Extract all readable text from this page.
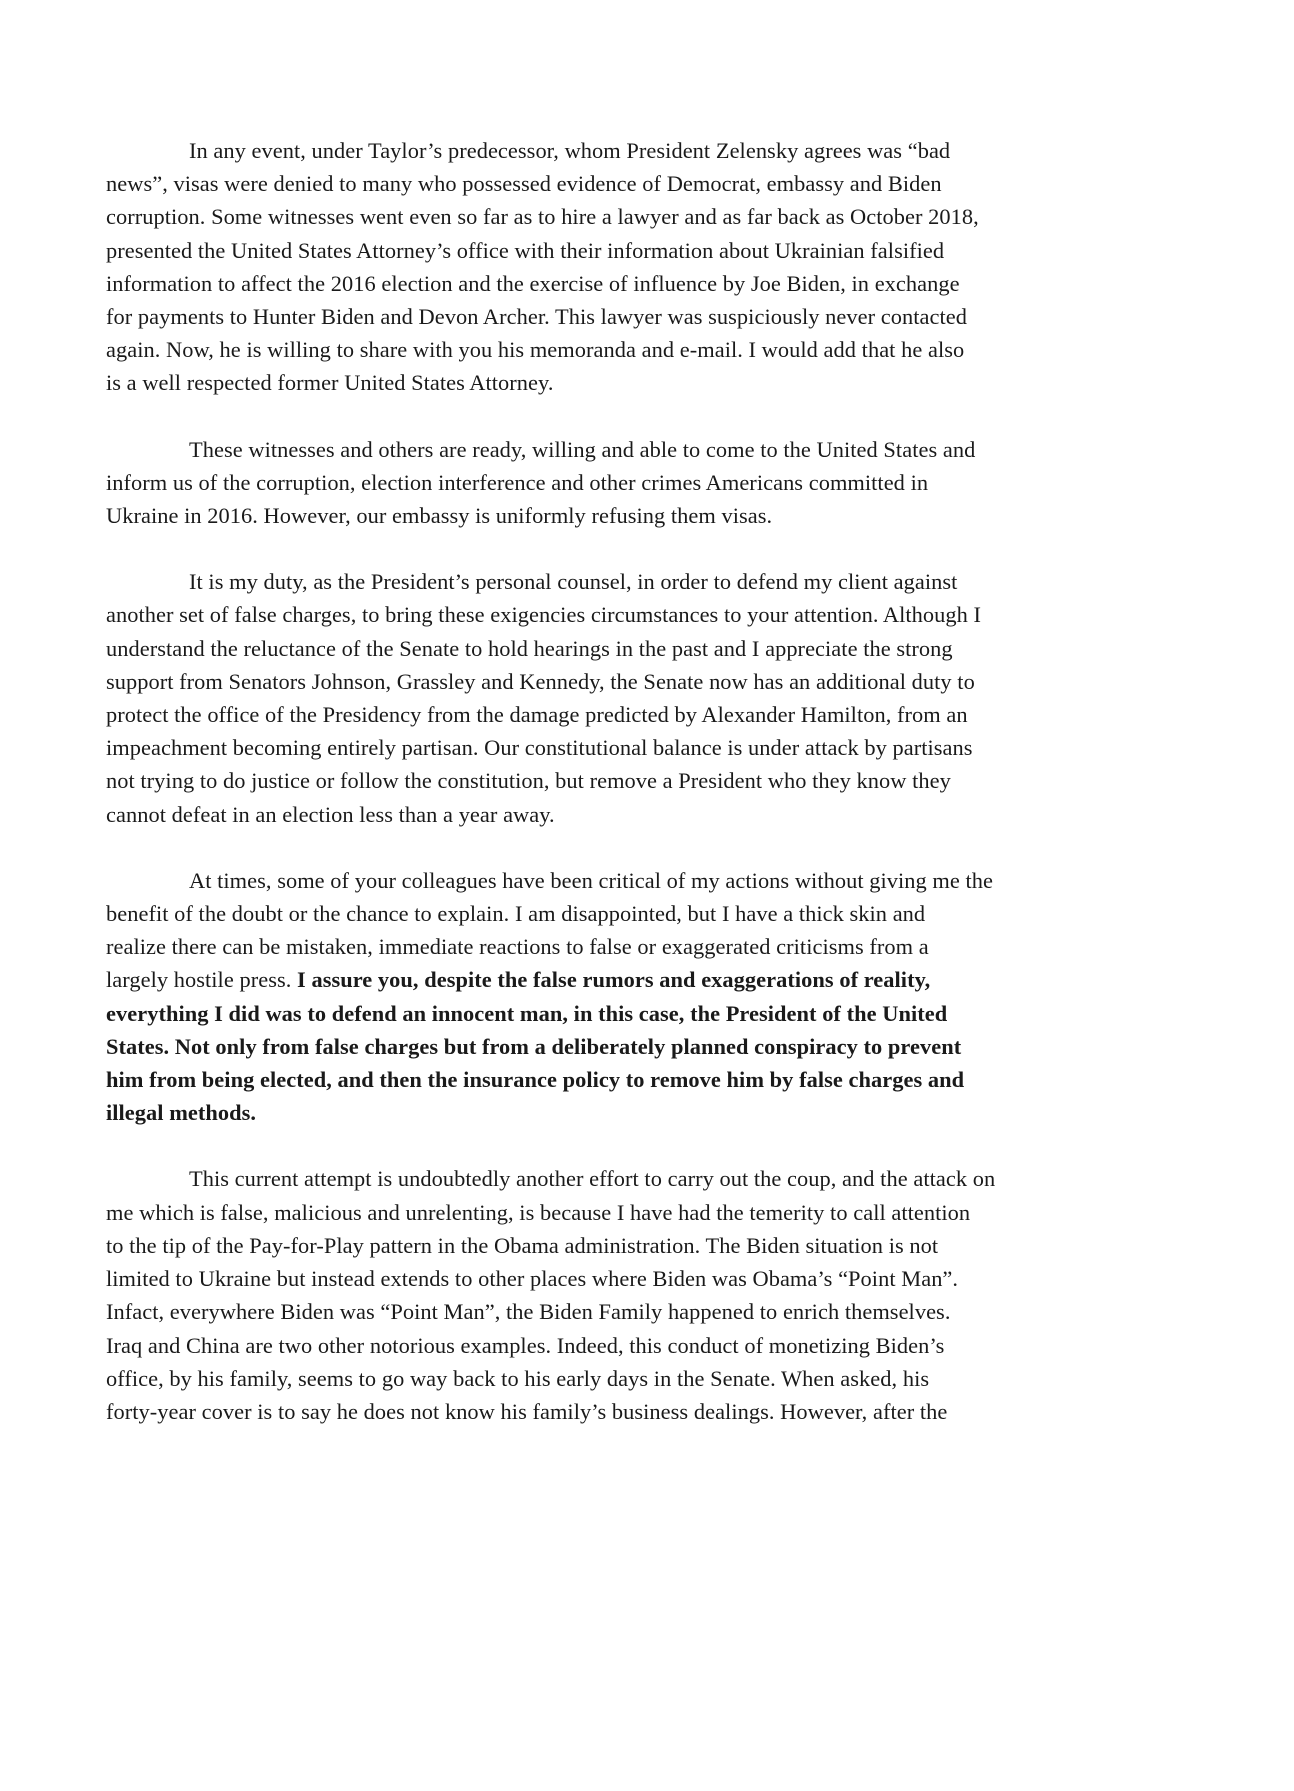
In any event, under Taylor’s predecessor, whom President Zelensky agrees was “bad
news”, visas were denied to many who possessed evidence of Democrat, embassy and Biden
corruption. Some witnesses went even so far as to hire a lawyer and as far back as October 2018,
presented the United States Attorney’s office with their information about Ukrainian falsified
information to affect the 2016 election and the exercise of influence by Joe Biden, in exchange
for payments to Hunter Biden and Devon Archer. This lawyer was suspiciously never contacted
again. Now, he is willing to share with you his memoranda and e-mail. I would add that he also
is a well respected former United States Attorney.

These witnesses and others are ready, willing and able to come to the United States and
inform us of the corruption, election interference and other crimes Americans committed in
Ukraine in 2016. However, our embassy is uniformly refusing them visas.

It is my duty, as the President’s personal counsel, in order to defend my client against
another set of false charges, to bring these exigencies circumstances to your attention. Although I
understand the reluctance of the Senate to hold hearings in the past and I appreciate the strong
support from Senators Johnson, Grassley and Kennedy, the Senate now has an additional duty to
protect the office of the Presidency from the damage predicted by Alexander Hamilton, from an
impeachment becoming entirely partisan. Our constitutional balance is under attack by partisans
not trying to do justice or follow the constitution, but remove a President who they know they
cannot defeat in an election less than a year away.

At times, some of your colleagues have been critical of my actions without giving me the
benefit of the doubt or the chance to explain. I am disappointed, but I have a thick skin and
realize there can be mistaken, immediate reactions to false or exaggerated criticisms from a
largely hostile press. I assure you, despite the false rumors and exaggerations of reality,
everything I did was to defend an innocent man, in this case, the President of the United
States. Not only from false charges but from a deliberately planned conspiracy to prevent
him from being elected, and then the insurance policy to remove him by false charges and
illegal methods.

This current attempt is undoubtedly another effort to carry out the coup, and the attack on
me which is false, malicious and unrelenting, is because I have had the temerity to call attention
to the tip of the Pay-for-Play pattern in the Obama administration. The Biden situation is not
limited to Ukraine but instead extends to other places where Biden was Obama’s “Point Man”.
Infact, everywhere Biden was “Point Man”, the Biden Family happened to enrich themselves.
Iraq and China are two other notorious examples. Indeed, this conduct of monetizing Biden’s
office, by his family, seems to go way back to his early days in the Senate. When asked, his
forty-year cover is to say he does not know his family’s business dealings. However, after the
